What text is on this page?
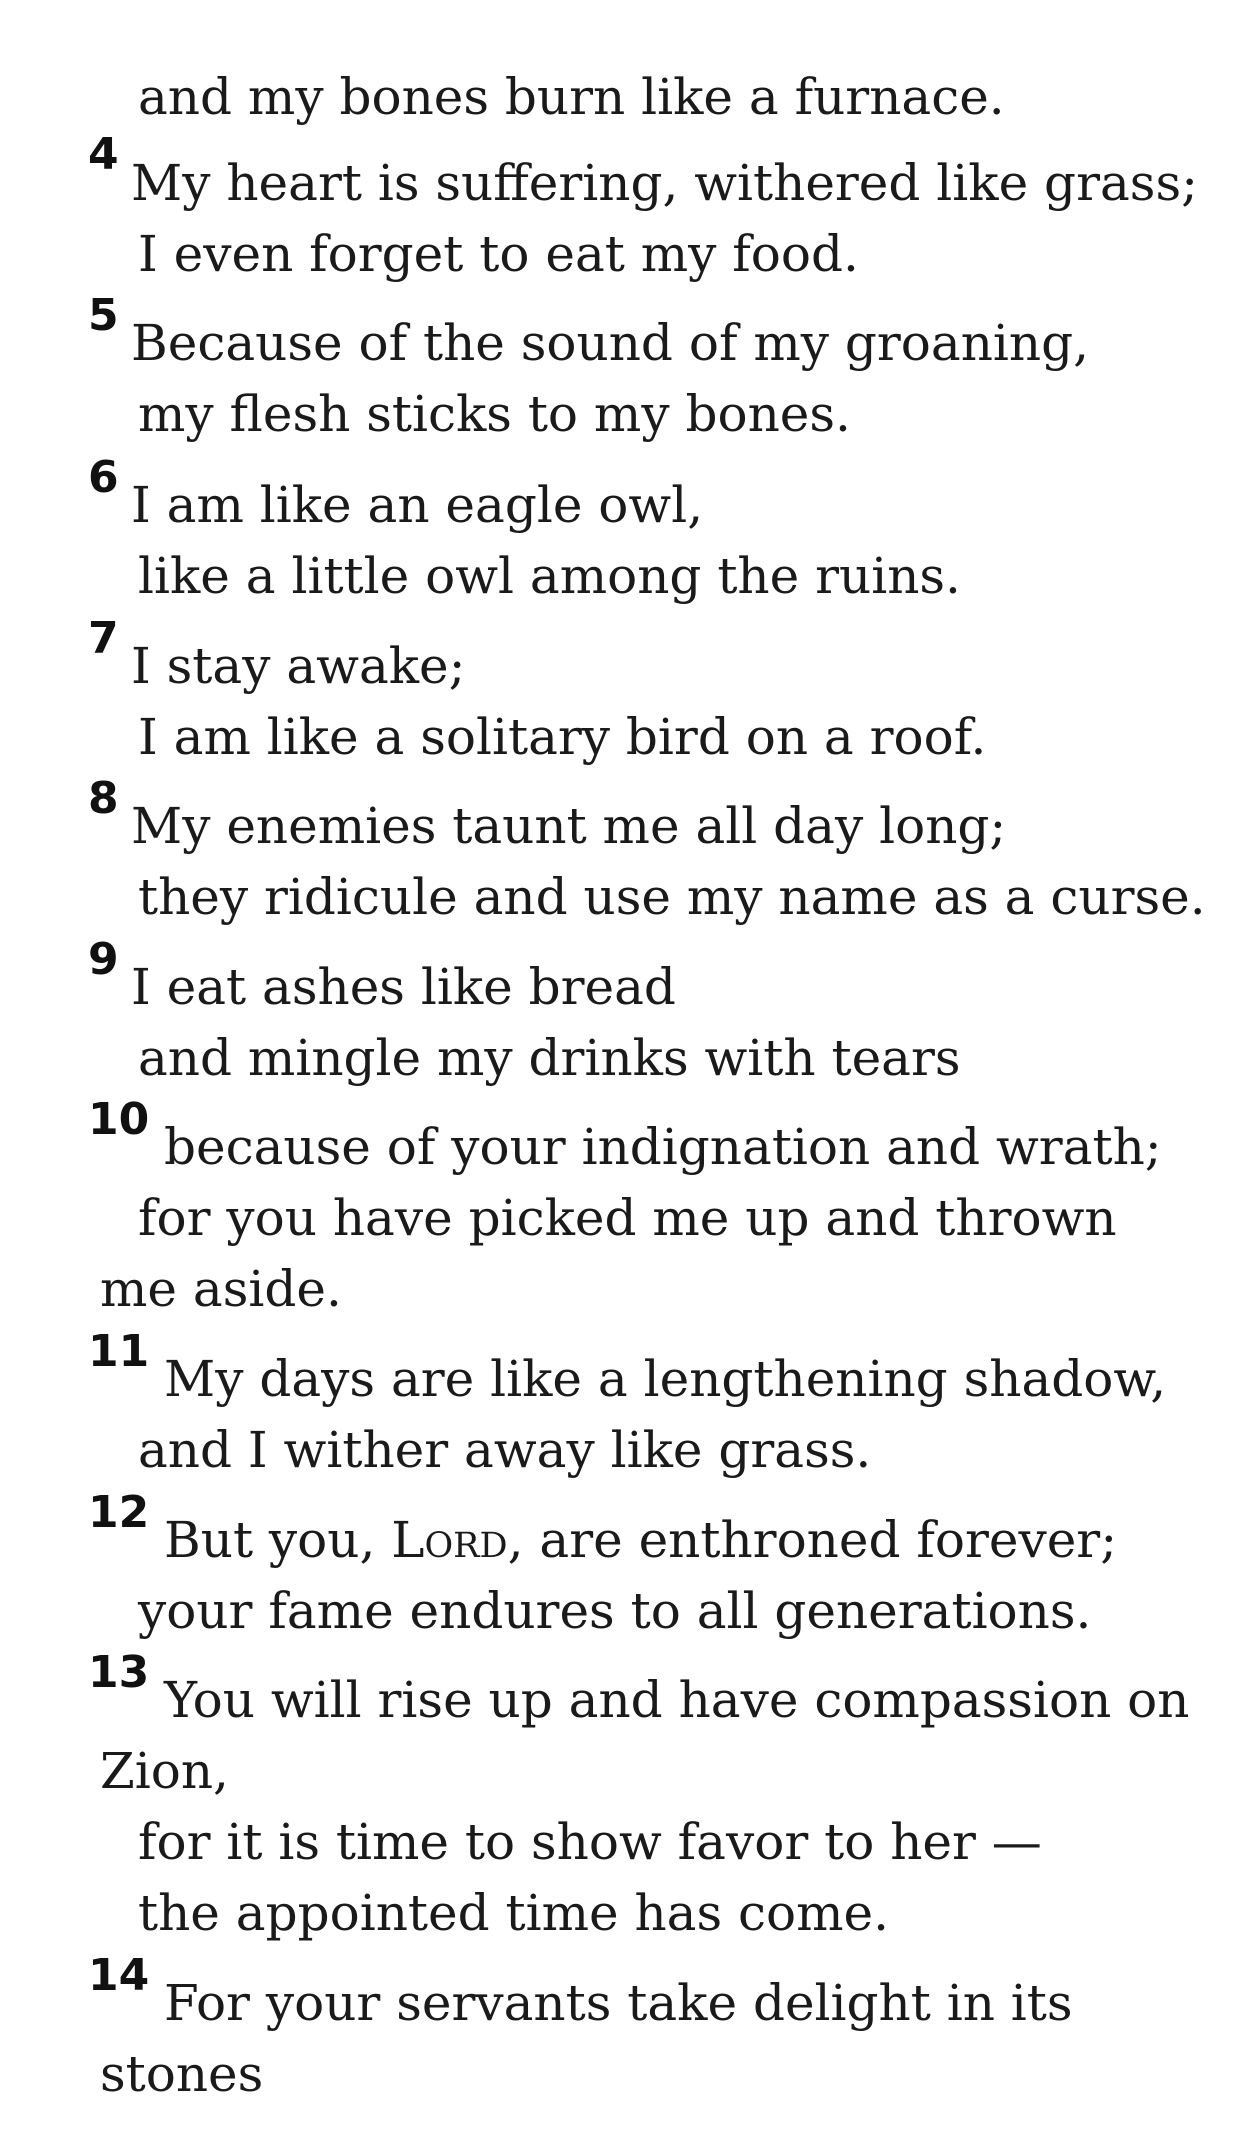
and my bones burn like a furnace.
4 My heart is suffering, withered like grass;
I even forget to eat my food.
5 Because of the sound of my groaning,
my flesh sticks to my bones.
6 I am like an eagle owl,
like a little owl among the ruins.
7 I stay awake;
I am like a solitary bird on a roof.
8 My enemies taunt me all day long;
they ridicule and use my name as a curse.
9 I eat ashes like bread
and mingle my drinks with tears
10 because of your indignation and wrath;
for you have picked me up and thrown
me aside.
11 My days are like a lengthening shadow,
and I wither away like grass.
12 But you, Lord, are enthroned forever;
your fame endures to all generations.
13 You will rise up and have compassion on
Zion,
for it is time to show favor to her —
the appointed time has come.
14 For your servants take delight in its
stones
